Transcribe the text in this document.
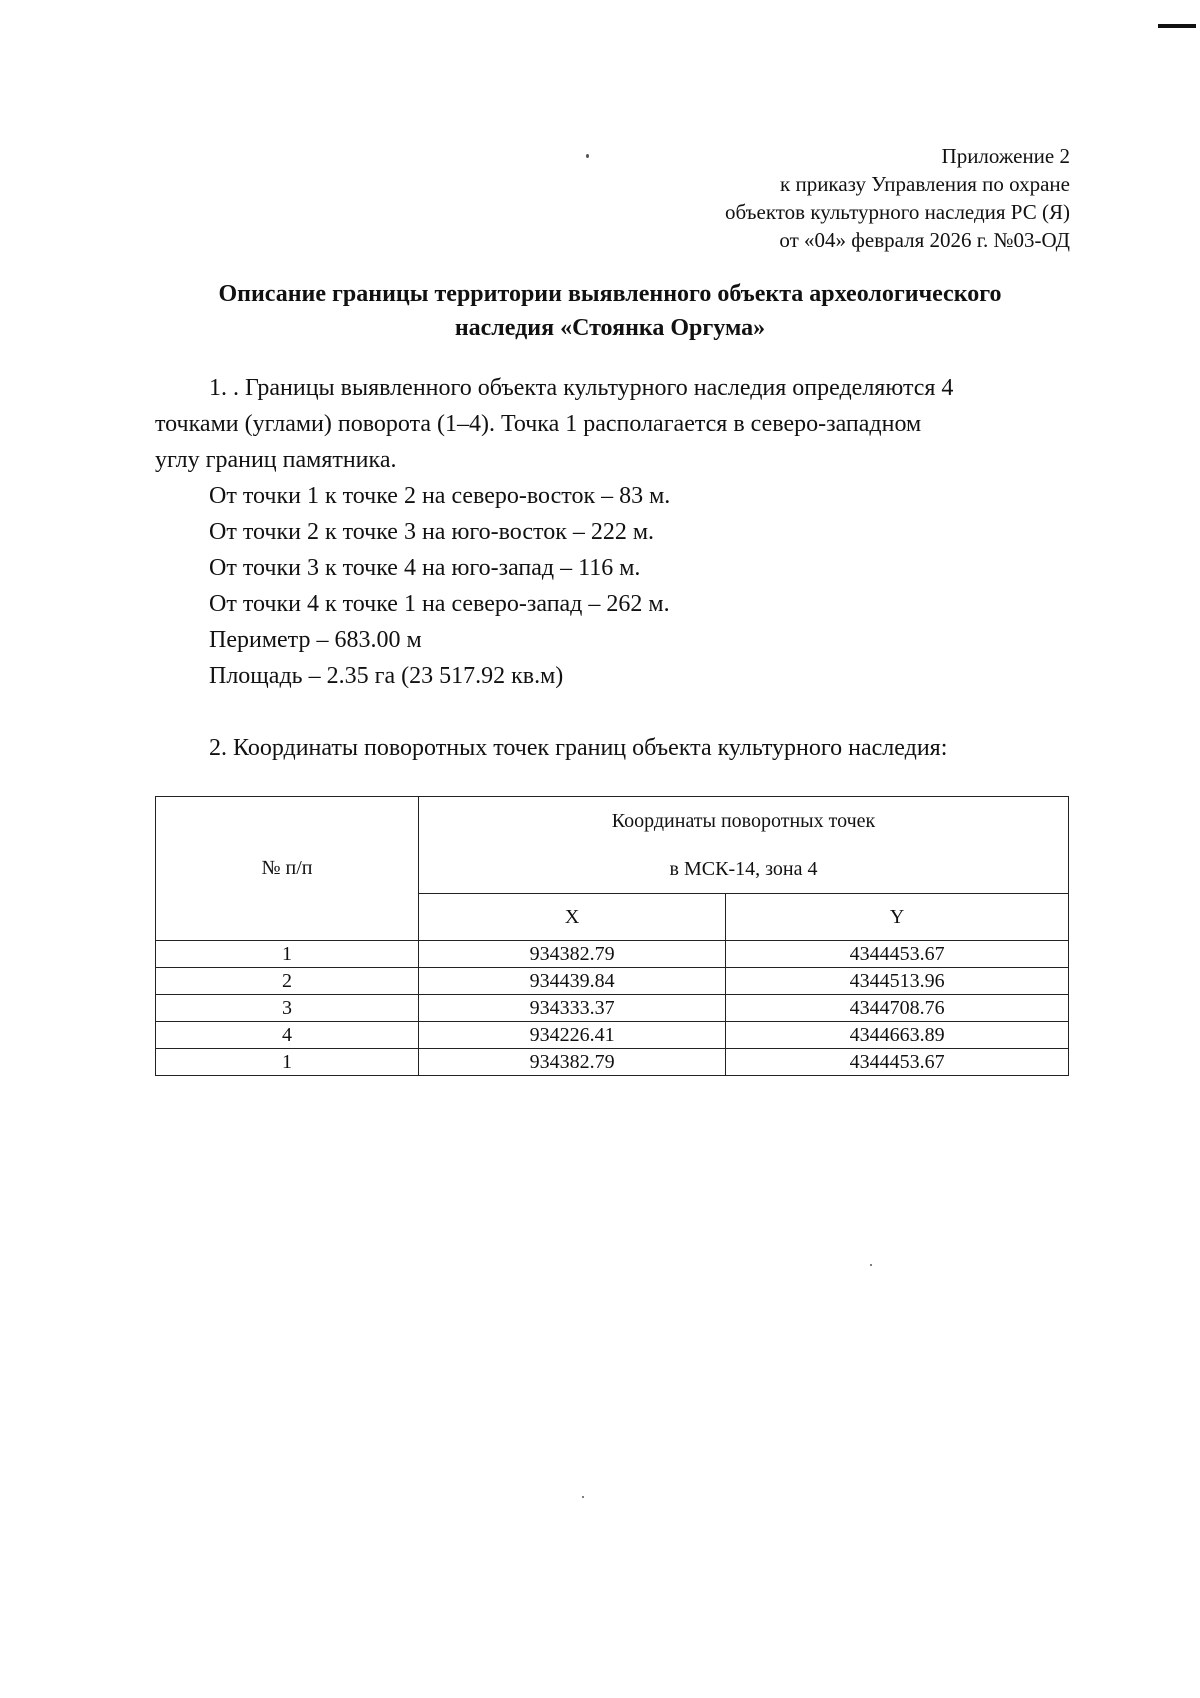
Приложение 2
к приказу Управления по охране
объектов культурного наследия РС (Я)
от «04» февраля 2026 г. №03-ОД
Описание границы территории выявленного объекта археологического
наследия «Стоянка Оргума»
1. . Границы выявленного объекта культурного наследия определяются 4
точками (углами) поворота (1–4). Точка 1 располагается в северо-западном
углу границ памятника.
От точки 1 к точке 2 на северо-восток – 83 м.
От точки 2 к точке 3 на юго-восток – 222 м.
От точки 3 к точке 4 на юго-запад – 116 м.
От точки 4 к точке 1 на северо-запад – 262 м.
Периметр – 683.00 м
Площадь – 2.35 га (23 517.92 кв.м)
2. Координаты поворотных точек границ объекта культурного наследия:
№ п/п	Координаты поворотных точек
в МСК-14, зона 4	

	X	Y
1	934382.79	4344453.67
2	934439.84	4344513.96
3	934333.37	4344708.76
4	934226.41	4344663.89
1	934382.79	4344453.67
